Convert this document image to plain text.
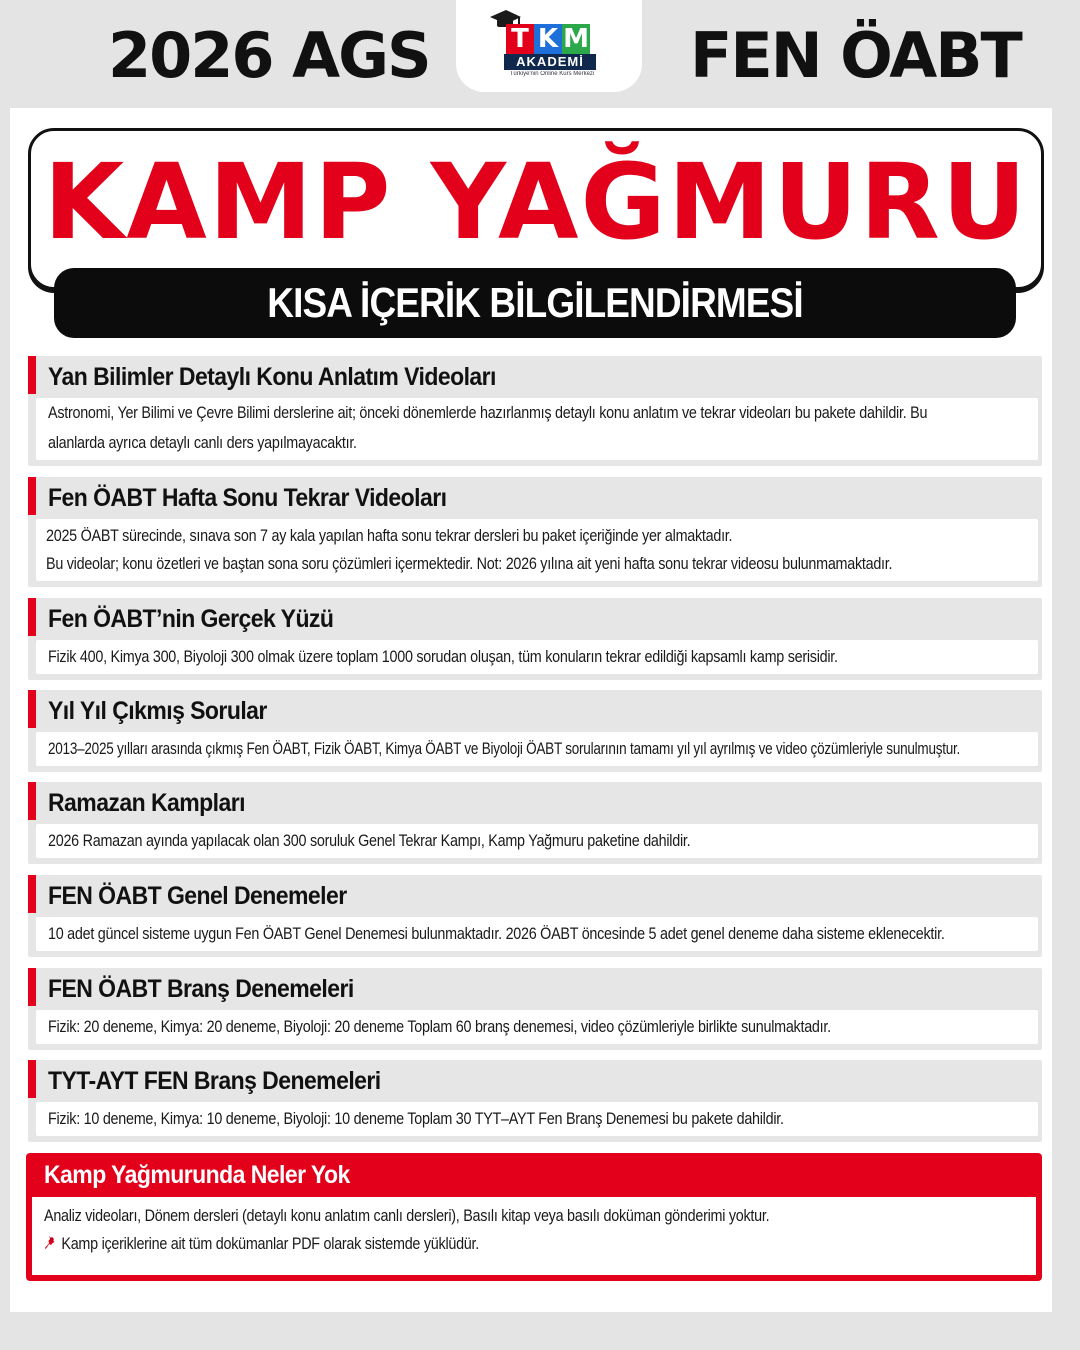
2026 AGS	FEN ÖABT
T K M
AKADEMİ
Türkiye'nin Online Kurs Merkezi
KAMP YAĞMURU
KISA İÇERİK BİLGİLENDİRMESİ
Yan Bilimler Detaylı Konu Anlatım Videoları
Astronomi, Yer Bilimi ve Çevre Bilimi derslerine ait; önceki dönemlerde hazırlanmış detaylı konu anlatım ve tekrar videoları bu pakete dahildir. Bu
alanlarda ayrıca detaylı canlı ders yapılmayacaktır.
Fen ÖABT Hafta Sonu Tekrar Videoları
2025 ÖABT sürecinde, sınava son 7 ay kala yapılan hafta sonu tekrar dersleri bu paket içeriğinde yer almaktadır.
Bu videolar; konu özetleri ve baştan sona soru çözümleri içermektedir. Not: 2026 yılına ait yeni hafta sonu tekrar videosu bulunmamaktadır.
Fen ÖABT’nin Gerçek Yüzü
Fizik 400, Kimya 300, Biyoloji 300 olmak üzere toplam 1000 sorudan oluşan, tüm konuların tekrar edildiği kapsamlı kamp serisidir.
Yıl Yıl Çıkmış Sorular
2013–2025 yılları arasında çıkmış Fen ÖABT, Fizik ÖABT, Kimya ÖABT ve Biyoloji ÖABT sorularının tamamı yıl yıl ayrılmış ve video çözümleriyle sunulmuştur.
Ramazan Kampları
2026 Ramazan ayında yapılacak olan 300 soruluk Genel Tekrar Kampı, Kamp Yağmuru paketine dahildir.
FEN ÖABT Genel Denemeler
10 adet güncel sisteme uygun Fen ÖABT Genel Denemesi bulunmaktadır. 2026 ÖABT öncesinde 5 adet genel deneme daha sisteme eklenecektir.
FEN ÖABT Branş Denemeleri
Fizik: 20 deneme, Kimya: 20 deneme, Biyoloji: 20 deneme Toplam 60 branş denemesi, video çözümleriyle birlikte sunulmaktadır.
TYT-AYT FEN Branş Denemeleri
Fizik: 10 deneme, Kimya: 10 deneme, Biyoloji: 10 deneme Toplam 30 TYT–AYT Fen Branş Denemesi bu pakete dahildir.
Kamp Yağmurunda Neler Yok
Analiz videoları, Dönem dersleri (detaylı konu anlatım canlı dersleri), Basılı kitap veya basılı doküman gönderimi yoktur.
Kamp içeriklerine ait tüm dokümanlar PDF olarak sistemde yüklüdür.
